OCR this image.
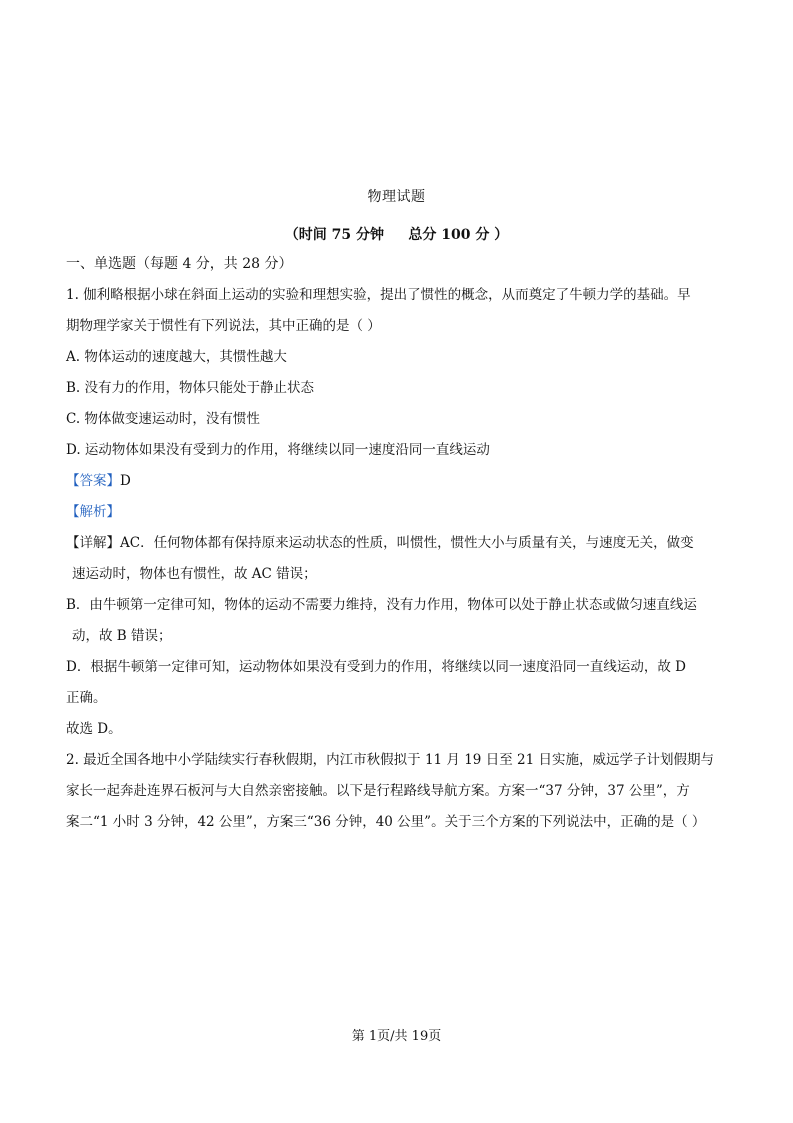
物理试题
（时间 75 分钟     总分 100 分 ）
一、单选题（每题 4 分，共 28 分）
1. 伽利略根据小球在斜面上运动的实验和理想实验，提出了惯性的概念，从而奠定了牛顿力学的基础。早
期物理学家关于惯性有下列说法，其中正确的是（ ）
A. 物体运动的速度越大，其惯性越大
B. 没有力的作用，物体只能处于静止状态
C. 物体做变速运动时，没有惯性
D. 运动物体如果没有受到力的作用，将继续以同一速度沿同一直线运动
【答案】D
【解析】
【详解】AC．任何物体都有保持原来运动状态的性质，叫惯性，惯性大小与质量有关，与速度无关，做变
速运动时，物体也有惯性，故 AC 错误；
B．由牛顿第一定律可知，物体的运动不需要力维持，没有力作用，物体可以处于静止状态或做匀速直线运
动，故 B 错误；
D．根据牛顿第一定律可知，运动物体如果没有受到力的作用，将继续以同一速度沿同一直线运动，故 D
正确。
故选 D。
2. 最近全国各地中小学陆续实行春秋假期，内江市秋假拟于 11 月 19 日至 21 日实施，威远学子计划假期与
家长一起奔赴连界石板河与大自然亲密接触。以下是行程路线导航方案。方案一“37 分钟，37 公里”，方
案二“1 小时 3 分钟，42 公里”，方案三“36 分钟，40 公里”。关于三个方案的下列说法中，正确的是（ ）
第 1页/共 19页
